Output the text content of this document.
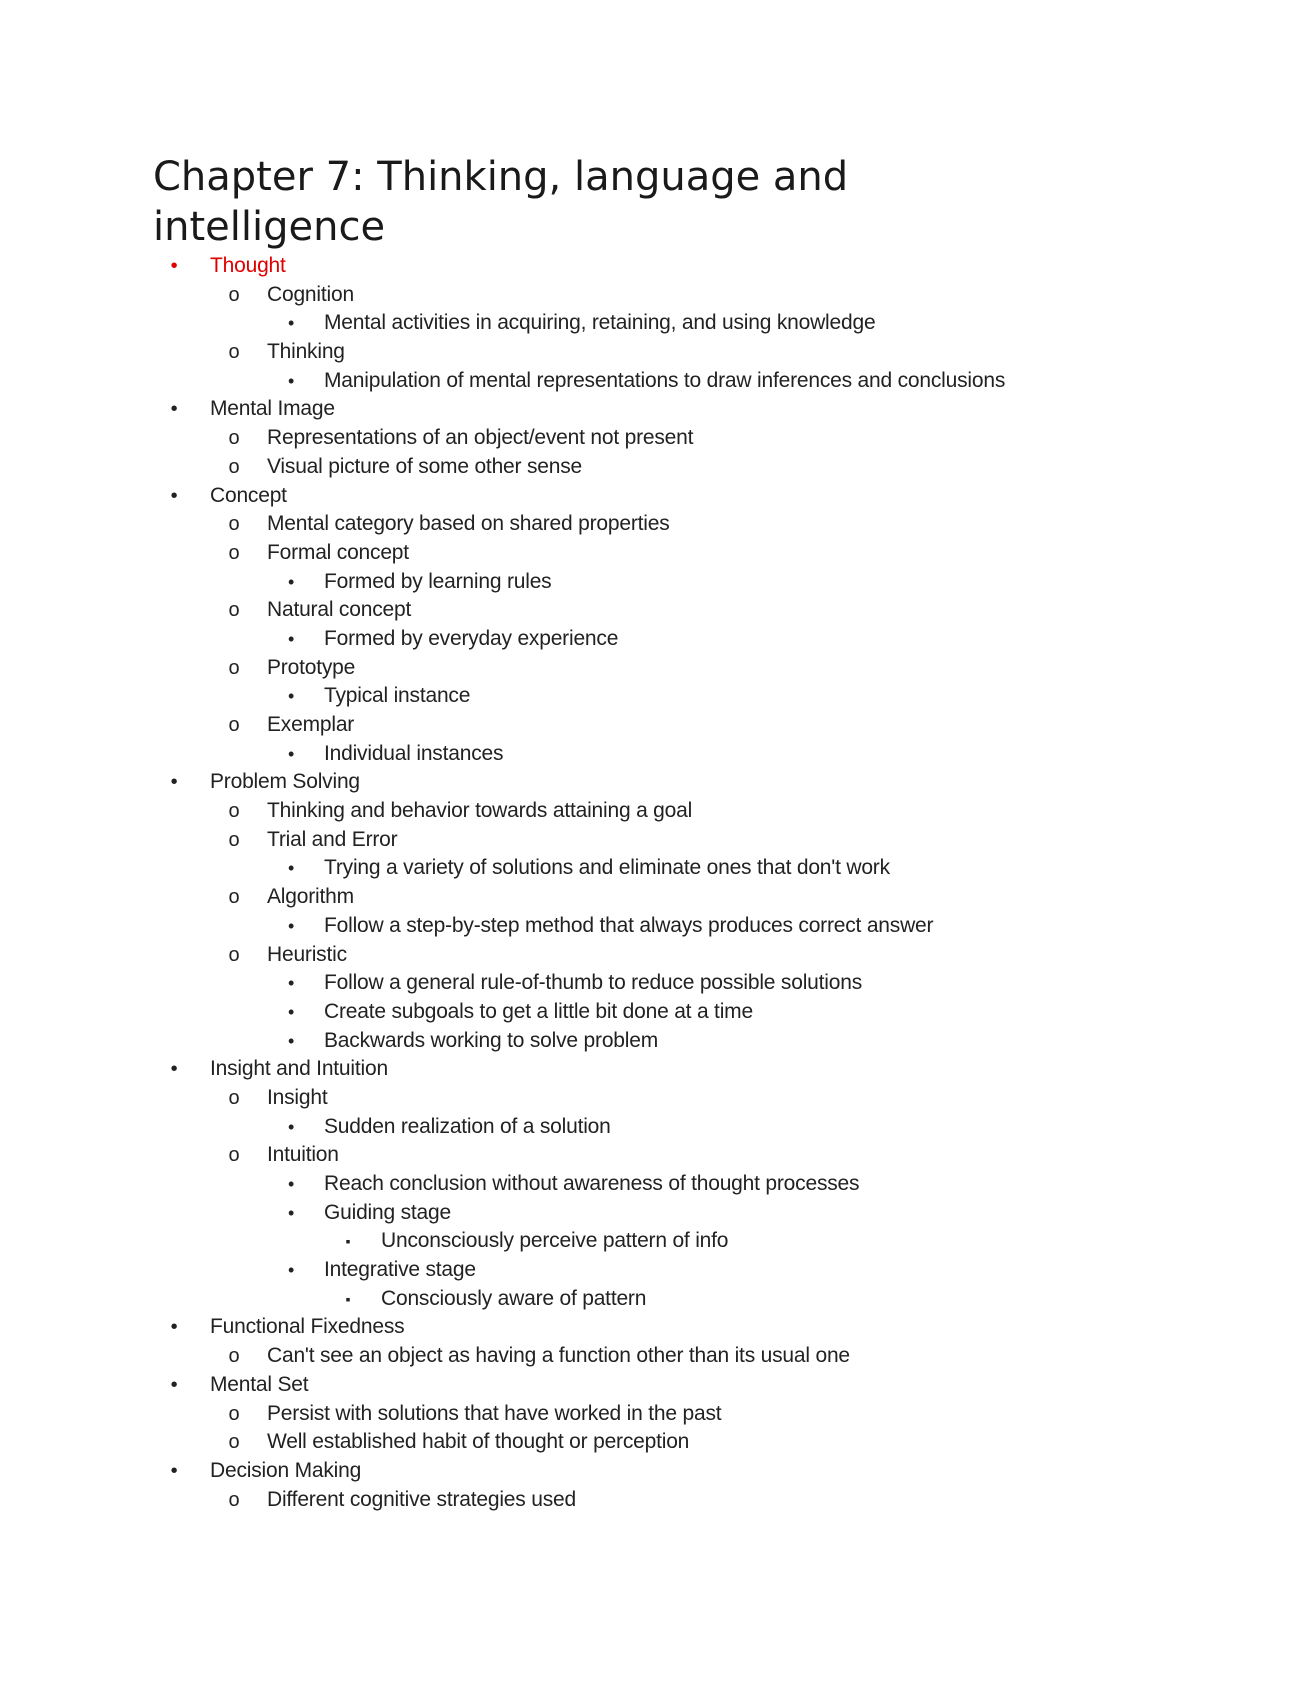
Chapter 7: Thinking, language and intelligence
•	Thought
o Cognition
•	Mental activities in acquiring, retaining, and using knowledge
o Thinking
•	Manipulation of mental representations to draw inferences and conclusions
•	Mental Image
o Representations of an object/event not present
o Visual picture of some other sense
•	Concept
o Mental category based on shared properties
o Formal concept
•	Formed by learning rules
o Natural concept
•	Formed by everyday experience
o Prototype
•	Typical instance
o Exemplar
•	Individual instances
•	Problem Solving
o Thinking and behavior towards attaining a goal
o Trial and Error
•	Trying a variety of solutions and eliminate ones that don't work
o Algorithm
•	Follow a step-by-step method that always produces correct answer
o Heuristic
•	Follow a general rule-of-thumb to reduce possible solutions
•	Create subgoals to get a little bit done at a time
•	Backwards working to solve problem
•	Insight and Intuition
o Insight
•	Sudden realization of a solution
o Intuition
•	Reach conclusion without awareness of thought processes
•	Guiding stage
▪	Unconsciously perceive pattern of info
•	Integrative stage
▪	Consciously aware of pattern
•	Functional Fixedness
o Can't see an object as having a function other than its usual one
•	Mental Set
o Persist with solutions that have worked in the past
o Well established habit of thought or perception
•	Decision Making
o Different cognitive strategies used
